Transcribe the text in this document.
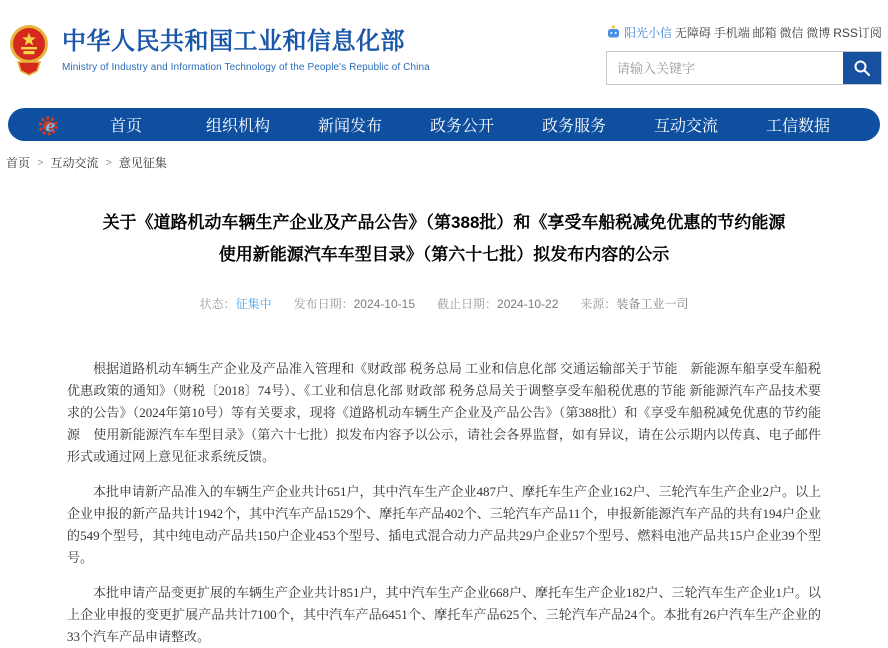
中华人民共和国工业和信息化部
Ministry of Industry and Information Technology of the People's Republic of China
阳光小信 无障碍 手机端 邮箱 微信 微博 RSS订阅
请输入关键字
e	首页	组织机构	新闻发布	政务公开	政务服务	互动交流	工信数据
首页 > 互动交流 > 意见征集
关于《道路机动车辆生产企业及产品公告》（第388批）和《享受车船税减免优惠的节约能源
使用新能源汽车车型目录》（第六十七批）拟发布内容的公示
状态：征集中 发布日期：2024-10-15 截止日期：2024-10-22 来源：装备工业一司

根据道路机动车辆生产企业及产品准入管理和《财政部 税务总局 工业和信息化部 交通运输部关于节能　新能源车船享受车船税优惠政策的通知》（财税〔2018〕74号）、《工业和信息化部 财政部 税务总局关于调整享受车船税优惠的节能 新能源汽车产品技术要求的公告》（2024年第10号）等有关要求，现将《道路机动车辆生产企业及产品公告》（第388批）和《享受车船税减免优惠的节约能源　使用新能源汽车车型目录》（第六十七批）拟发布内容予以公示，请社会各界监督，如有异议，请在公示期内以传真、电子邮件形式或通过网上意见征求系统反馈。

本批申请新产品准入的车辆生产企业共计651户，其中汽车生产企业487户、摩托车生产企业162户、三轮汽车生产企业2户。以上企业申报的新产品共计1942个，其中汽车产品1529个、摩托车产品402个、三轮汽车产品11个，申报新能源汽车产品的共有194户企业的549个型号，其中纯电动产品共150户企业453个型号、插电式混合动力产品共29户企业57个型号、燃料电池产品共15户企业39个型号。

本批申请产品变更扩展的车辆生产企业共计851户，其中汽车生产企业668户、摩托车生产企业182户、三轮汽车生产企业1户。以上企业申报的变更扩展产品共计7100个，其中汽车产品6451个、摩托车产品625个、三轮汽车产品24个。本批有26户汽车生产企业的33个汽车产品申请整改。
